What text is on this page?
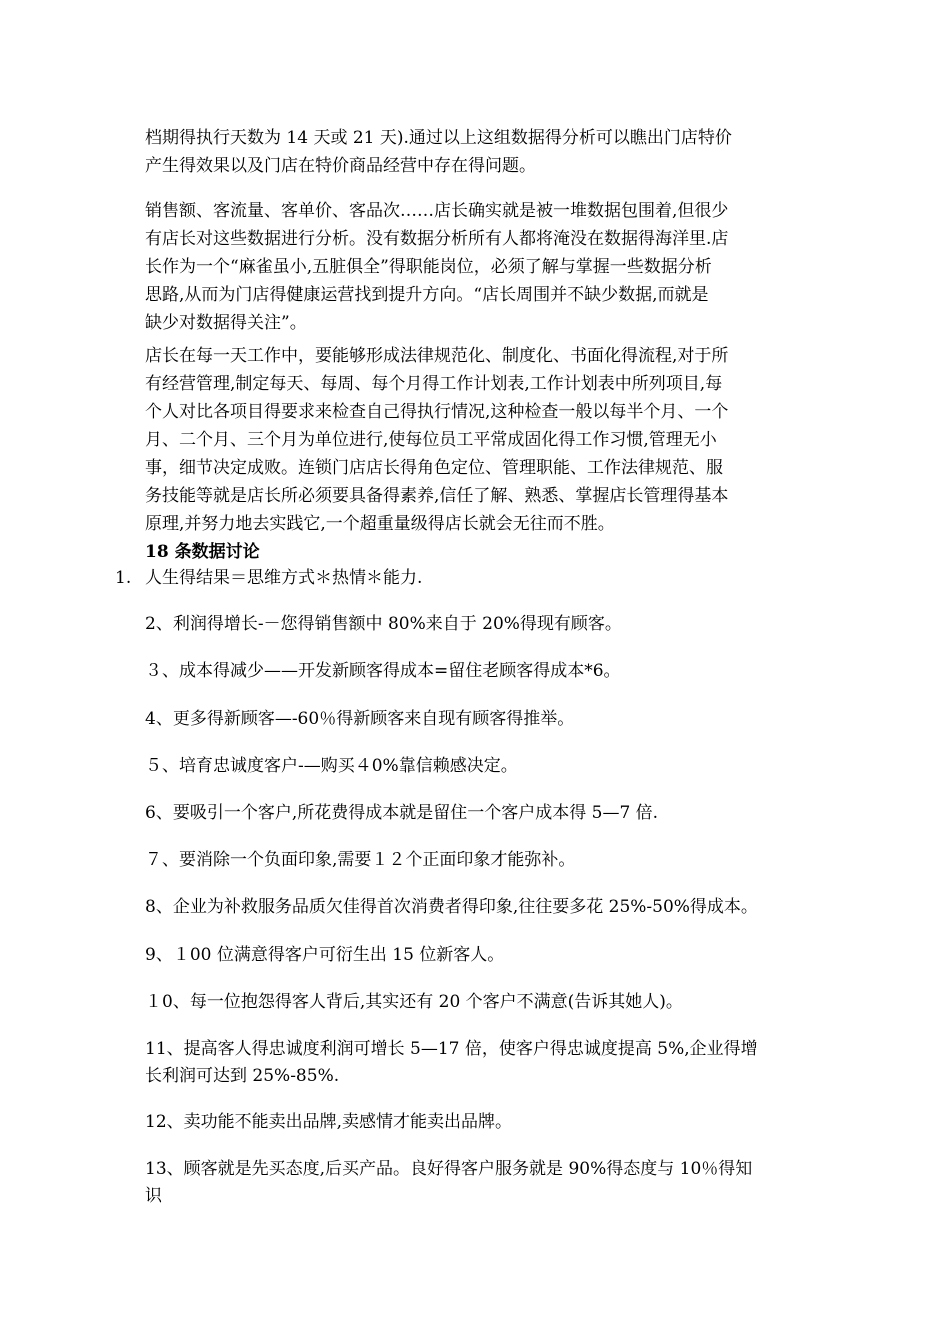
档期得执行天数为 14 天或 21 天).通过以上这组数据得分析可以瞧出门店特价
产生得效果以及门店在特价商品经营中存在得问题。

销售额、客流量、客单价、客品次……店长确实就是被一堆数据包围着,但很少
有店长对这些数据进行分析。没有数据分析所有人都将淹没在数据得海洋里.店
长作为一个“麻雀虽小,五脏俱全”得职能岗位，必须了解与掌握一些数据分析
思路,从而为门店得健康运营找到提升方向。“店长周围并不缺少数据,而就是
缺少对数据得关注”。

店长在每一天工作中，要能够形成法律规范化、制度化、书面化得流程,对于所
有经营管理,制定每天、每周、每个月得工作计划表,工作计划表中所列项目,每
个人对比各项目得要求来检查自己得执行情况,这种检查一般以每半个月、一个
月、二个月、三个月为单位进行,使每位员工平常成固化得工作习惯,管理无小
事，细节决定成败。连锁门店店长得角色定位、管理职能、工作法律规范、服
务技能等就是店长所必须要具备得素养,信任了解、熟悉、掌握店长管理得基本
原理,并努力地去实践它,一个超重量级得店长就会无往而不胜。

18 条数据讨论
1. 人生得结果＝思维方式＊热情＊能力.
2、利润得增长-－您得销售额中 80%来自于 20%得现有顾客。
３、成本得减少——开发新顾客得成本=留住老顾客得成本*6。
4、更多得新顾客—-60％得新顾客来自现有顾客得推举。
５、培育忠诚度客户-—购买４0%靠信赖感决定。
6、要吸引一个客户,所花费得成本就是留住一个客户成本得 5—7 倍.
７、要消除一个负面印象,需要１２个正面印象才能弥补。
8、企业为补救服务品质欠佳得首次消费者得印象,往往要多花 25%-50%得成本。
9、１00 位满意得客户可衍生出 15 位新客人。
１0、每一位抱怨得客人背后,其实还有 20 个客户不满意(告诉其她人)。
11、提高客人得忠诚度利润可增长 5—17 倍，使客户得忠诚度提高 5%,企业得增
长利润可达到 25%-85%.
12、卖功能不能卖出品牌,卖感情才能卖出品牌。
13、顾客就是先买态度,后买产品。良好得客户服务就是 90%得态度与 10％得知
识
